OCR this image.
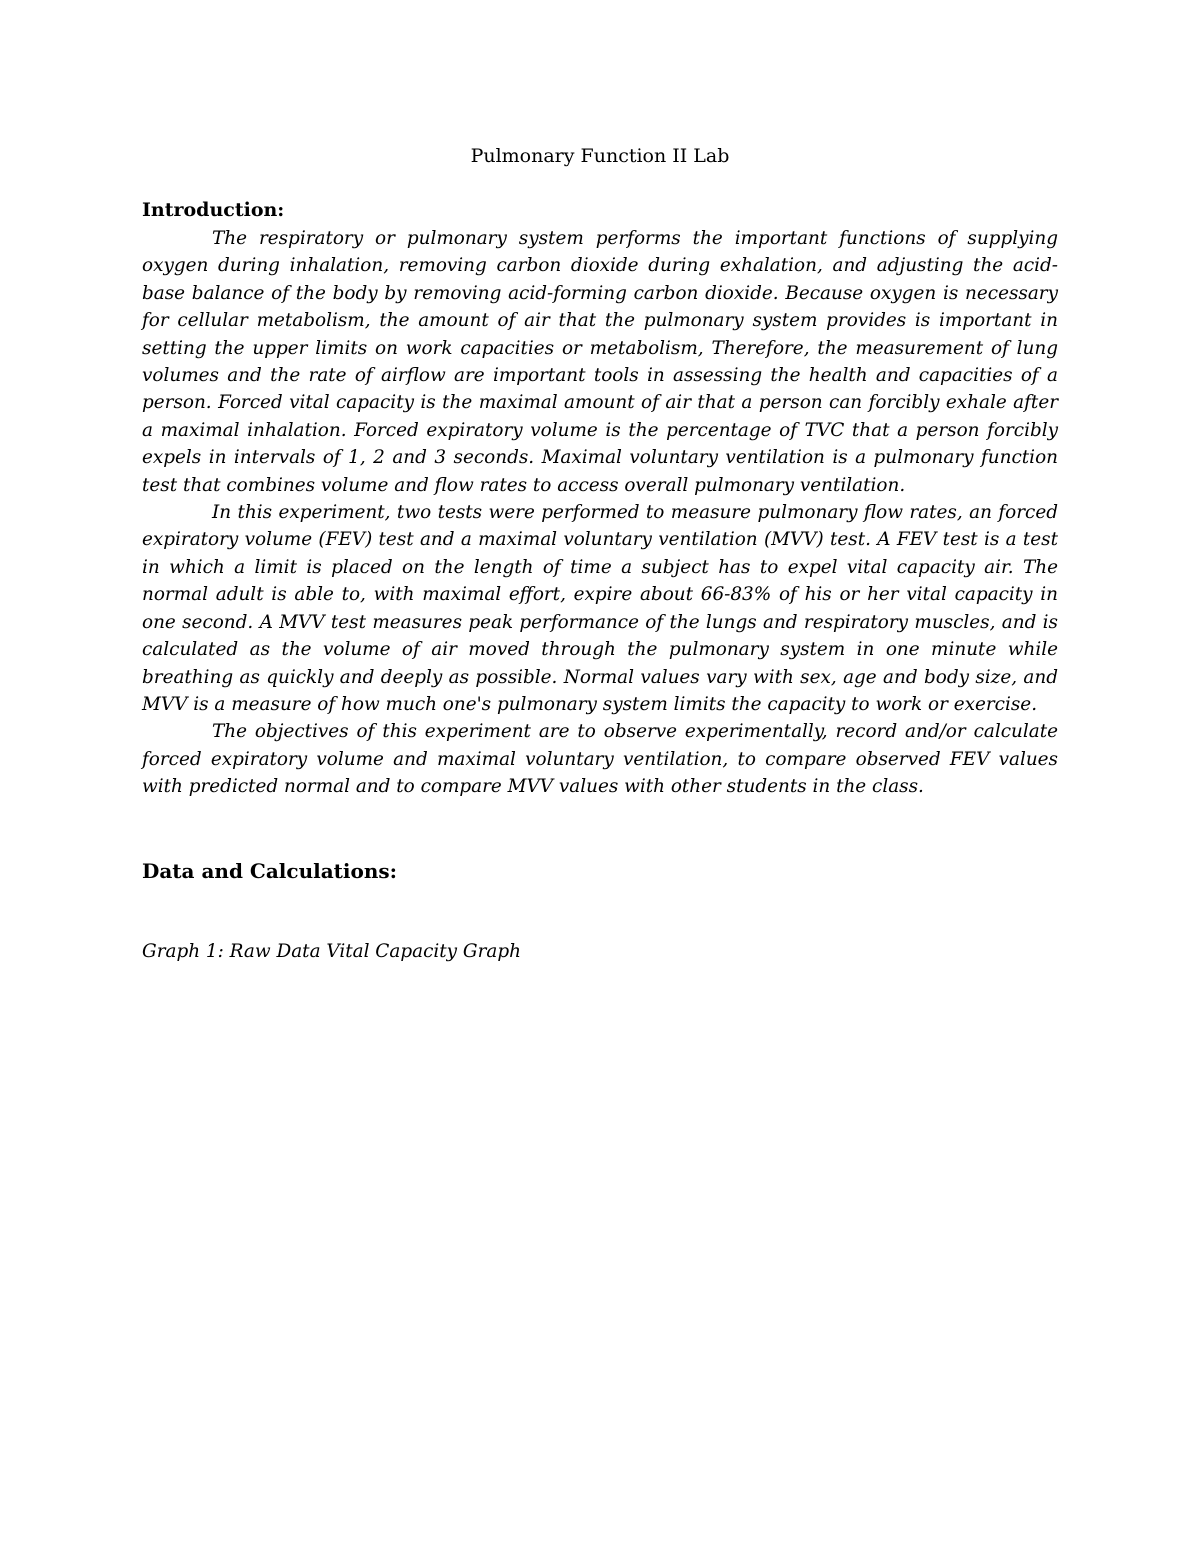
Pulmonary Function II Lab
Introduction:

The respiratory or pulmonary system performs the important functions of supplying oxygen during inhalation, removing carbon dioxide during exhalation, and adjusting the acid-base balance of the body by removing acid-forming carbon dioxide. Because oxygen is necessary for cellular metabolism, the amount of air that the pulmonary system provides is important in setting the upper limits on work capacities or metabolism, Therefore, the measurement of lung volumes and the rate of airflow are important tools in assessing the health and capacities of a person. Forced vital capacity is the maximal amount of air that a person can forcibly exhale after a maximal inhalation. Forced expiratory volume is the percentage of TVC that a person forcibly expels in intervals of 1, 2 and 3 seconds. Maximal voluntary ventilation is a pulmonary function test that combines volume and flow rates to access overall pulmonary ventilation.

In this experiment, two tests were performed to measure pulmonary flow rates, an forced expiratory volume (FEV) test and a maximal voluntary ventilation (MVV) test. A FEV test is a test in which a limit is placed on the length of time a subject has to expel vital capacity air. The normal adult is able to, with maximal effort, expire about 66-83% of his or her vital capacity in one second. A MVV test measures peak performance of the lungs and respiratory muscles, and is calculated as the volume of air moved through the pulmonary system in one minute while breathing as quickly and deeply as possible. Normal values vary with sex, age and body size, and MVV is a measure of how much one's pulmonary system limits the capacity to work or exercise.

The objectives of this experiment are to observe experimentally, record and/or calculate forced expiratory volume and maximal voluntary ventilation, to compare observed FEV values with predicted normal and to compare MVV values with other students in the class.

Data and Calculations:

Graph 1: Raw Data Vital Capacity Graph
